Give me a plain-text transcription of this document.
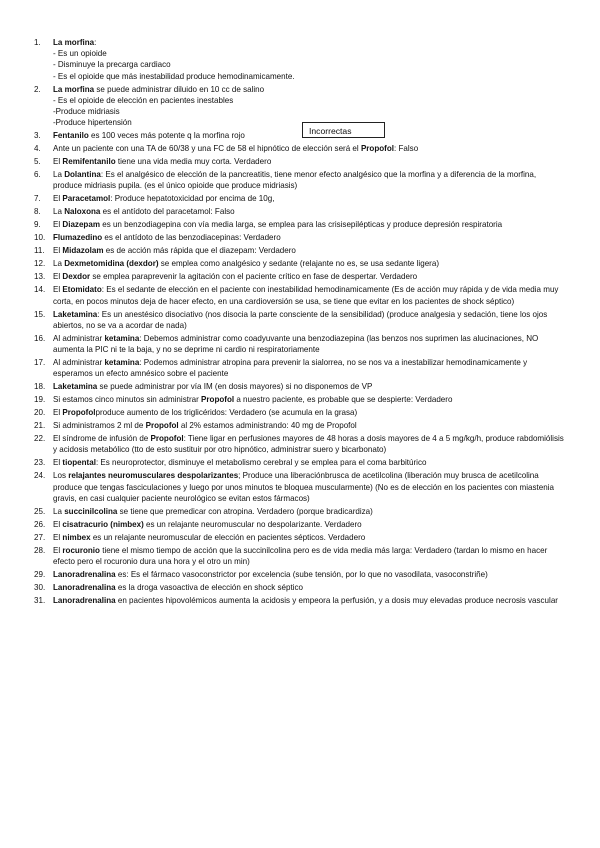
1.	La morfina:
- Es un opioide
- Disminuye la precarga cardiaco
- Es el opioide que más inestabilidad produce hemodinamicamente.
2.	La morfina se puede administrar diluido en 10 cc de salino
- Es el opioide de elección en pacientes inestables
-Produce midriasis
-Produce hipertensión
3.	Fentanilo es 100 veces más potente q la morfina rojo
4.	Ante un paciente con una TA de 60/38 y una FC de 58 el hipnótico de elección será el Propofol: Falso
5.	El Remifentanilo tiene una vida media muy corta. Verdadero
6.	La Dolantina: Es el analgésico de elección de la pancreatitis, tiene menor efecto analgésico que la morfina y a diferencia de la morfina, produce midriasis pupila. (es el único opioide que produce midriasis)
7.	El Paracetamol: Produce hepatotoxicidad por encima de 10g,
8.	La Naloxona es el antídoto del paracetamol: Falso
9.	El Diazepam es un benzodiagepina con vía media larga, se emplea para las crisisepilépticas y produce depresión respiratoria
10. Flumazedino es el antídoto de las benzodiacepinas: Verdadero
11.	El Midazolam es de acción más rápida que el diazepam: Verdadero
12. La Dexmetomidina (dexdor) se emplea como analgésico y sedante (relajante no es, se usa sedante ligera)
13. El Dexdor se emplea paraprevenir la agitación con el paciente crítico en fase de despertar. Verdadero
14. El Etomidato: Es el sedante de elección en el paciente con inestabilidad hemodinamicamente (Es de acción muy rápida y de vida media muy corta, en pocos minutos deja de hacer efecto, en una cardioversión se usa, se tiene que evitar en los pacientes de shock séptico)
15. Laketamina: Es un anestésico disociativo (nos disocia la parte consciente de la sensibilidad) (produce analgesia y sedación, tiene los ojos abiertos, no se va a acordar de nada)
16. Al administrar ketamina: Debemos administrar como coadyuvante una benzodiazepina (las benzos nos suprimen las alucinaciones, NO aumenta la PIC ni te la baja, y no se deprime ni cardio ni respiratoriamente
17. Al administrar ketamina: Podemos administrar atropina para prevenir la sialorrea, no se nos va a inestabilizar hemodinamicamente y esperamos un efecto amnésico sobre el paciente
18. Laketamina se puede administrar por vía IM (en dosis mayores) si no disponemos de VP
19. Si estamos cinco minutos sin administrar Propofol a nuestro paciente, es probable que se despierte: Verdadero
20. El Propofolproduce aumento de los triglicéridos: Verdadero (se acumula en la grasa)
21. Si administramos 2 ml de Propofol al 2% estamos administrando: 40 mg de Propofol
22. El síndrome de infusión de Propofol: Tiene ligar en perfusiones mayores de 48 horas a dosis mayores de 4 a 5 mg/kg/h, produce rabdomiólisis y acidosis metabólico (tto de esto sustituir por otro hipnótico, administrar suero y bicarbonato)
23. El tiopental: Es neuroprotector, disminuye el metabolismo cerebral y se emplea para el coma barbitúrico
24. Los relajantes neuromusculares despolarizantes; Produce una liberaciónbrusca de acetilcolina (liberación muy brusca de acetilcolina produce que tengas fasciculaciones y luego por unos minutos te bloquea muscularmente) (No es de elección en los pacientes con miastenia gravis, en casi cualquier paciente neurológico se evitan estos fármacos)
25. La succinilcolina se tiene que premedicar con atropina. Verdadero (porque bradicardiza)
26. El cisatracurio (nimbex) es un relajante neuromuscular no despolarizante. Verdadero
27. El nimbex es un relajante neuromuscular de elección en pacientes sépticos. Verdadero
28. El rocuronio tiene el mismo tiempo de acción que la succinilcolina pero es de vida media más larga: Verdadero (tardan lo mismo en hacer efecto pero el rocuronio dura una hora y el otro un min)
29. Lanoradrenalina es: Es el fármaco vasoconstrictor por excelencia (sube tensión, por lo que no vasodilata, vasoconstriñe)
30. Lanoradrenalina es la droga vasoactiva de elección en shock séptico
31. Lanoradrenalina en pacientes hipovolémicos aumenta la acidosis y empeora la perfusión, y a dosis muy elevadas produce necrosis vascular
Incorrectas
